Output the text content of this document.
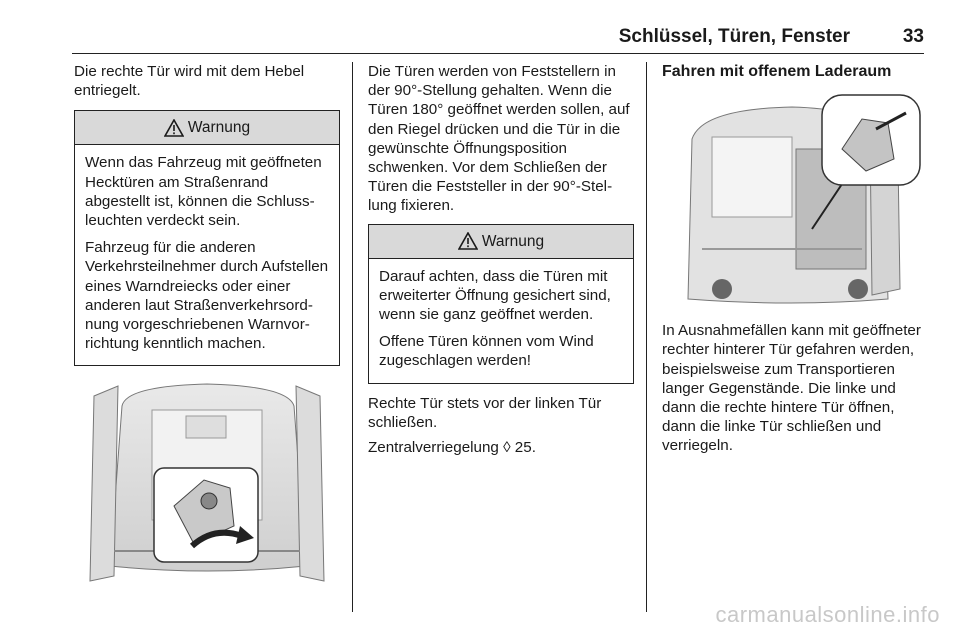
Schlüssel, Türen, Fenster	33

Die rechte Tür wird mit dem Hebel entriegelt.

Warnung

Wenn das Fahrzeug mit geöffneten Hecktüren am Straßenrand abgestellt ist, können die Schlussleuchten verdeckt sein.

Fahrzeug für die anderen Verkehrsteilnehmer durch Aufstellen eines Warndreiecks oder einer anderen laut Straßenverkehrsordnung vorgeschriebenen Warnvorrichtung kenntlich machen.

Die Türen werden von Feststellern in der 90°-Stellung gehalten. Wenn die Türen 180° geöffnet werden sollen, auf den Riegel drücken und die Tür in die gewünschte Öffnungsposition schwenken. Vor dem Schließen der Türen die Feststeller in der 90°-Stellung fixieren.

Warnung

Darauf achten, dass die Türen mit erweiterter Öffnung gesichert sind, wenn sie ganz geöffnet werden.

Offene Türen können vom Wind zugeschlagen werden!

Rechte Tür stets vor der linken Tür schließen.

Zentralverriegelung ◊ 25.

Fahren mit offenem Laderaum

In Ausnahmefällen kann mit geöffneter rechter hinterer Tür gefahren werden, beispielsweise zum Transportieren langer Gegenstände. Die linke und dann die rechte hintere Tür öffnen, dann die linke Tür schließen und verriegeln.

carmanualsonline.info
